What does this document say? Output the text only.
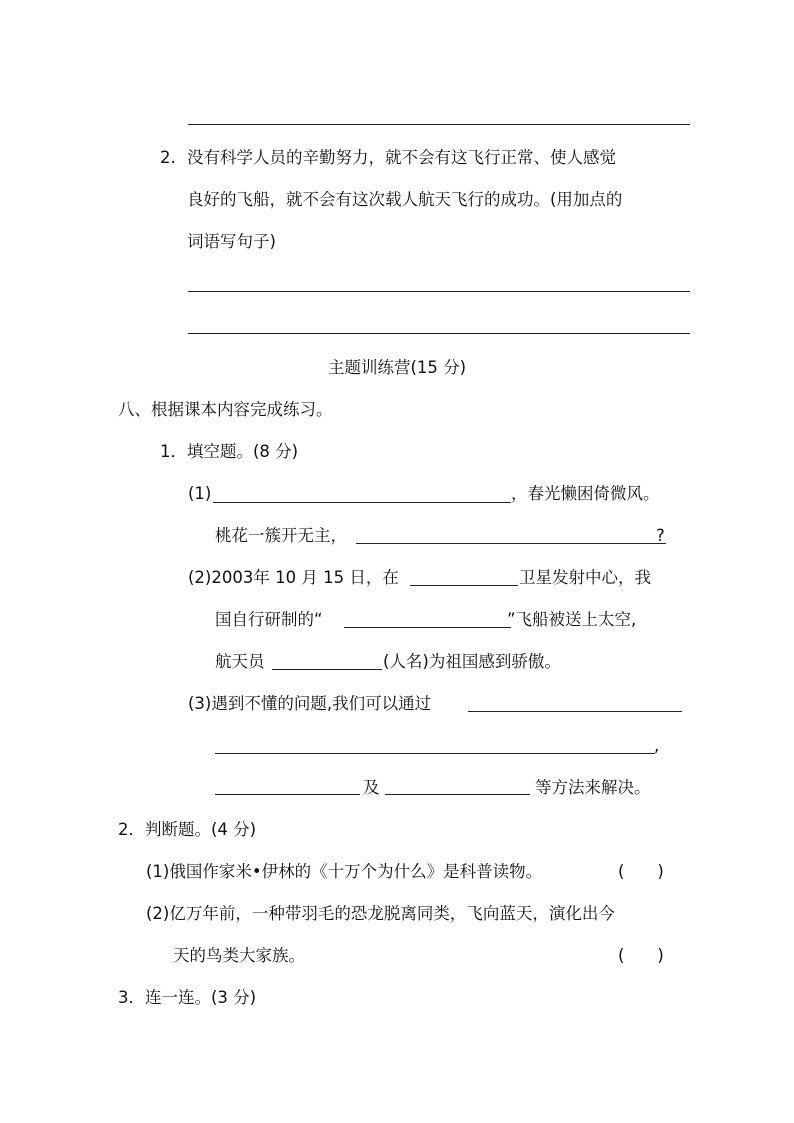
2. 没有科学人员的辛勤努力，就不会有这飞行正常、使人感觉
良好的飞船，就不会有这次载人航天飞行的成功。(用加点的
词语写句子)
主题训练营(15 分)
八、根据课本内容完成练习。
1．填空题。(8 分)
(1)	，春光懒困倚微风。
桃花一簇开无主，	?
(2)2003年 10 月 15 日，在	卫星发射中心，我
国自行研制的“	”飞船被送上太空,
航天员	(人名)为祖国感到骄傲。
(3)遇到不懂的问题,我们可以通过
,
及	等方法来解决。
2．判断题。(4 分)
(1)俄国作家米•伊林的《十万个为什么》是科普读物。	(　　)
(2)亿万年前，一种带羽毛的恐龙脱离同类，飞向蓝天，演化出今
天的鸟类大家族。	(　　)
3．连一连。(3 分)
